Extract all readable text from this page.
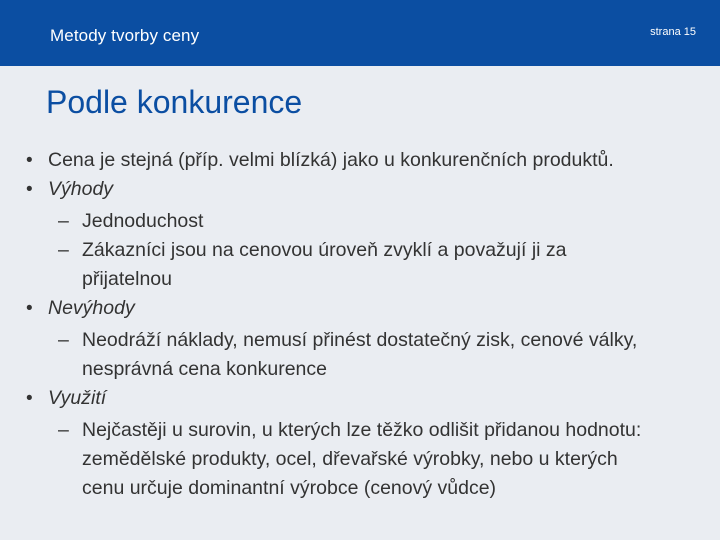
Metody tvorby ceny	strana 15
Podle konkurence

• Cena je stejná (příp. velmi blízká) jako u konkurenčních produktů.

• Výhody

– Jednoduchost

– Zákazníci jsou na cenovou úroveň zvyklí a považují ji za přijatelnou

• Nevýhody

– Neodráží náklady, nemusí přinést dostatečný zisk, cenové války, nesprávná cena konkurence

• Využití

– Nejčastěji u surovin, u kterých lze těžko odlišit přidanou hodnotu: zemědělské produkty, ocel, dřevařské výrobky, nebo u kterých cenu určuje dominantní výrobce (cenový vůdce)
